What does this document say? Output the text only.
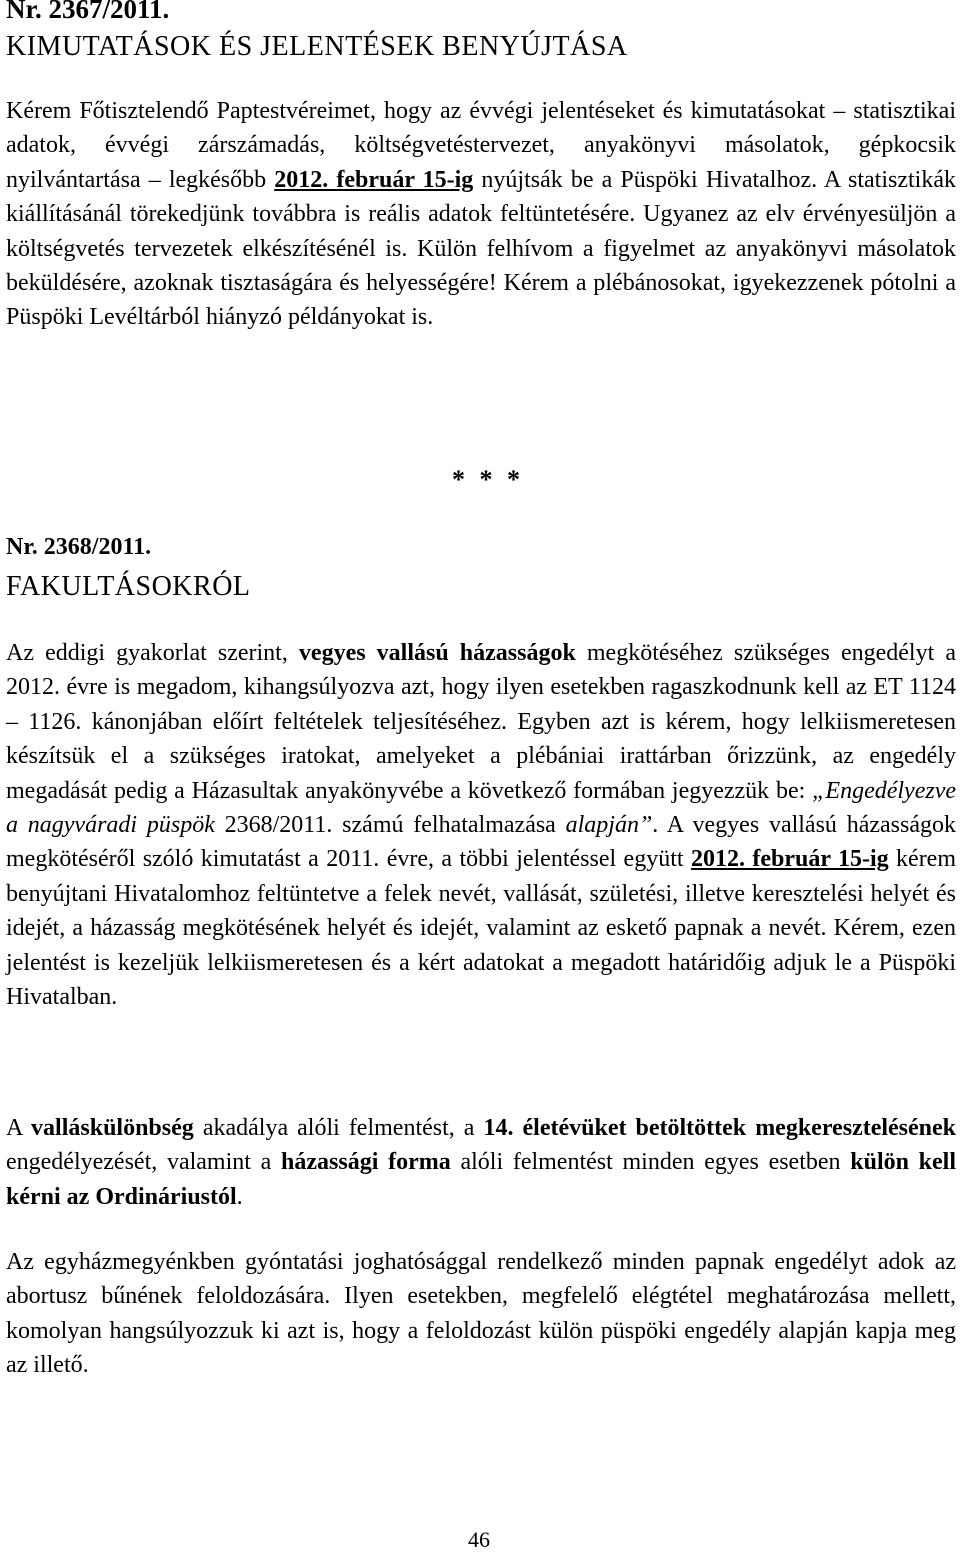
Nr. 2367/2011.
KIMUTATÁSOK ÉS JELENTÉSEK BENYÚJTÁSA

Kérem Főtisztelendő Paptestvéreimet, hogy az évvégi jelentéseket és kimutatásokat – statisztikai adatok, évvégi zárszámadás, költségvetéstervezet, anyakönyvi másolatok, gépkocsik nyilvántartása – legkésőbb 2012. február 15-ig nyújtsák be a Püspöki Hivatalhoz. A statisztikák kiállításánál törekedjünk továbbra is reális adatok feltüntetésére. Ugyanez az elv érvényesüljön a költségvetés tervezetek elkészítésénél is. Külön felhívom a figyelmet az anyakönyvi másolatok beküldésére, azoknak tisztaságára és helyességére! Kérem a plébánosokat, igyekezzenek pótolni a Püspöki Levéltárból hiányzó példányokat is.

* * *
Nr. 2368/2011.
FAKULTÁSOKRÓL

Az eddigi gyakorlat szerint, vegyes vallású házasságok megkötéséhez szükséges engedélyt a 2012. évre is megadom, kihangsúlyozva azt, hogy ilyen esetekben ragaszkodnunk kell az ET 1124 – 1126. kánonjában előírt feltételek teljesítéséhez. Egyben azt is kérem, hogy lelkiismeretesen készítsük el a szükséges iratokat, amelyeket a plébániai irattárban őrizzünk, az engedély megadását pedig a Házasultak anyakönyvébe a következő formában jegyezzük be: „Engedélyezve a nagyváradi püspök 2368/2011. számú felhatalmazása alapján”. A vegyes vallású házasságok megkötéséről szóló kimutatást a 2011. évre, a többi jelentéssel együtt 2012. február 15-ig kérem benyújtani Hivatalomhoz feltüntetve a felek nevét, vallását, születési, illetve keresztelési helyét és idejét, a házasság megkötésének helyét és idejét, valamint az eskető papnak a nevét. Kérem, ezen jelentést is kezeljük lelkiismeretesen és a kért adatokat a megadott határidőig adjuk le a Püspöki Hivatalban.

A valláskülönbség akadálya alóli felmentést, a 14. életévüket betöltöttek megkeresztelésének engedélyezését, valamint a házassági forma alóli felmentést minden egyes esetben külön kell kérni az Ordináriustól.

Az egyházmegyénkben gyóntatási joghatósággal rendelkező minden papnak engedélyt adok az abortusz bűnének feloldozására. Ilyen esetekben, megfelelő elégtétel meghatározása mellett, komolyan hangsúlyozzuk ki azt is, hogy a feloldozást külön püspöki engedély alapján kapja meg az illető.

46
